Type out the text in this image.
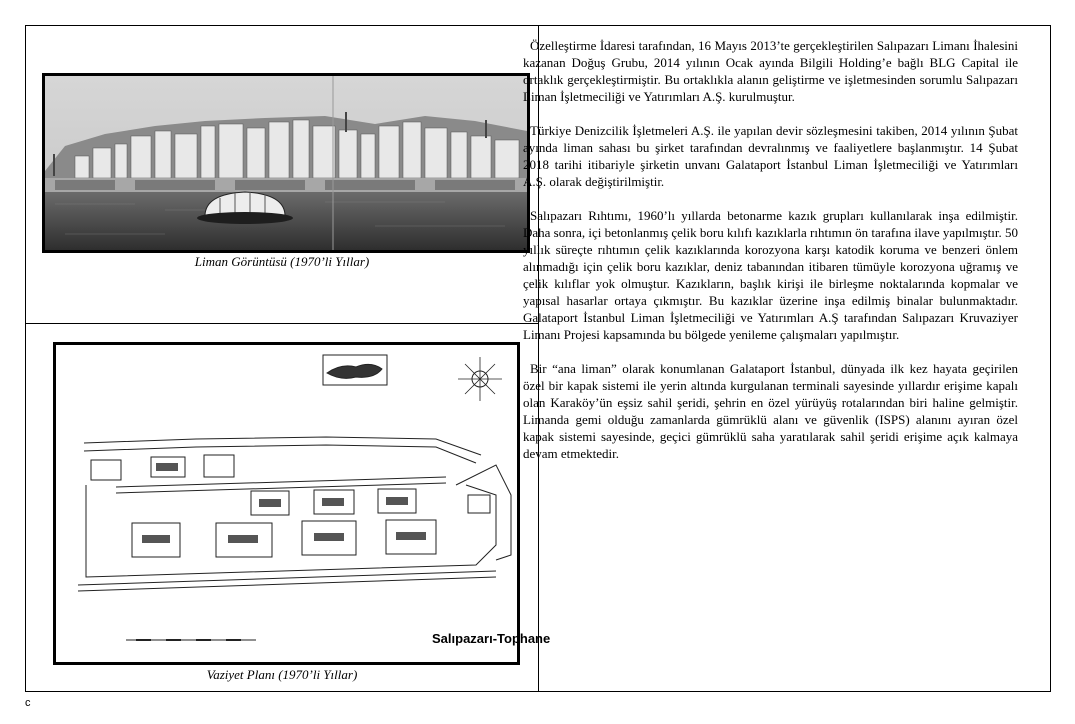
Liman Görüntüsü (1970’li Yıllar)
Salıpazarı-Tophane
Vaziyet Planı (1970’li Yıllar)

Özelleştirme İdaresi tarafından, 16 Mayıs 2013’te gerçekleştirilen Salıpazarı Limanı İhalesini kazanan Doğuş Grubu, 2014 yılının Ocak ayında Bilgili Holding’e bağlı BLG Capital ile ortaklık gerçekleştirmiştir. Bu ortaklıkla alanın geliştirme ve işletmesinden sorumlu Salıpazarı Liman İşletmeciliği ve Yatırımları A.Ş. kurulmuştur.

Türkiye Denizcilik İşletmeleri A.Ş. ile yapılan devir sözleşmesini takiben, 2014 yılının Şubat ayında liman sahası bu şirket tarafından devralınmış ve faaliyetlere başlanmıştır. 14 Şubat 2018 tarihi itibariyle şirketin unvanı Galataport İstanbul Liman İşletmeciliği ve Yatırımları A.Ş. olarak değiştirilmiştir.

Salıpazarı Rıhtımı, 1960’lı yıllarda betonarme kazık grupları kullanılarak inşa edilmiştir. Daha sonra, içi betonlanmış çelik boru kılıfı kazıklarla rıhtımın ön tarafına ilave yapılmıştır. 50 yıllık süreçte rıhtımın çelik kazıklarında korozyona karşı katodik koruma ve benzeri önlem alınmadığı için çelik boru kazıklar, deniz tabanından itibaren tümüyle korozyona uğramış ve çelik kılıflar yok olmuştur. Kazıkların, başlık kirişi ile birleşme noktalarında kopmalar ve yapısal hasarlar ortaya çıkmıştır. Bu kazıklar üzerine inşa edilmiş binalar bulunmaktadır. Galataport İstanbul Liman İşletmeciliği ve Yatırımları A.Ş tarafından Salıpazarı Kruvaziyer Limanı Projesi kapsamında bu bölgede yenileme çalışmaları yapılmıştır.

Bir “ana liman” olarak konumlanan Galataport İstanbul, dünyada ilk kez hayata geçirilen özel bir kapak sistemi ile yerin altında kurgulanan terminali sayesinde yıllardır erişime kapalı olan Karaköy’ün eşsiz sahil şeridi, şehrin en özel yürüyüş rotalarından biri haline gelmiştir. Limanda gemi olduğu zamanlarda gümrüklü alanı ve güvenlik (ISPS) alanını ayıran özel kapak sistemi sayesinde, geçici gümrüklü saha yaratılarak sahil şeridi erişime açık kalmaya devam etmektedir.

c
